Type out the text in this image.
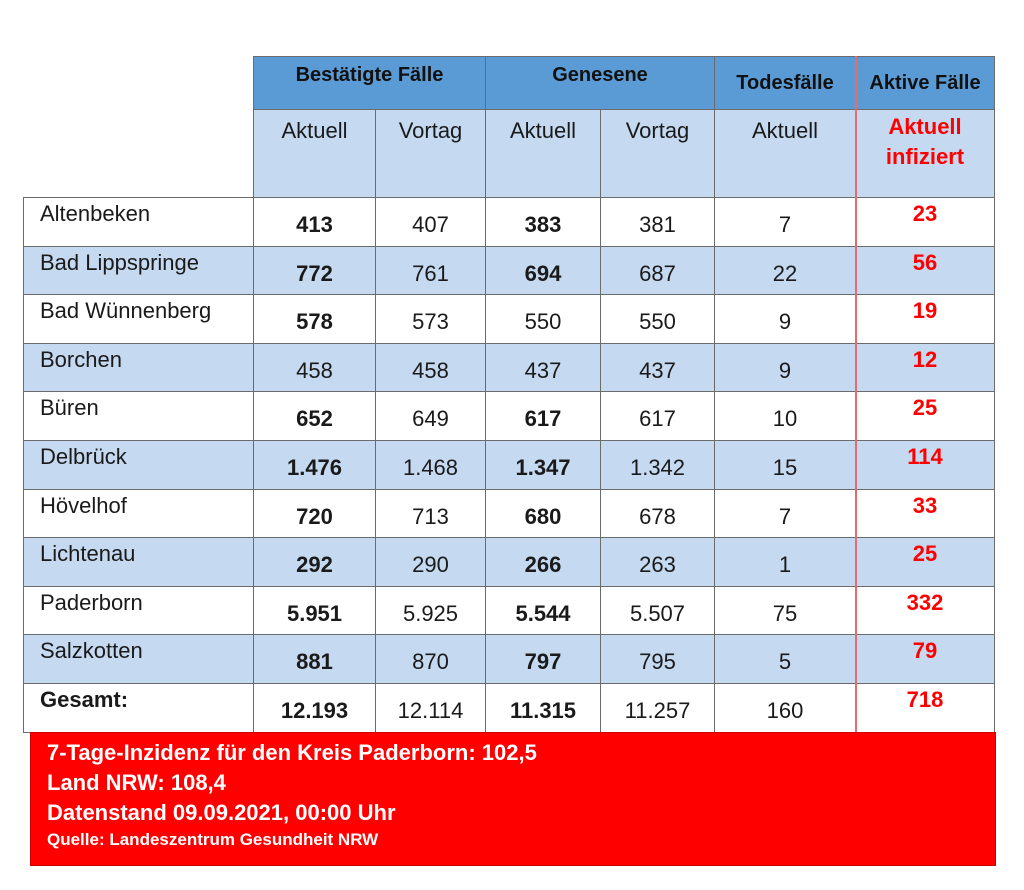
Bestätigte Fälle	Genesene	Todesfälle	Aktive Fälle
Aktuell	Vortag	Aktuell	Vortag	Aktuell	Aktuell infiziert
Altenbeken	413	407	383	381	7	23
Bad Lippspringe	772	761	694	687	22	56
Bad Wünnenberg	578	573	550	550	9	19
Borchen	458	458	437	437	9	12
Büren	652	649	617	617	10	25
Delbrück	1.476	1.468	1.347	1.342	15	114
Hövelhof	720	713	680	678	7	33
Lichtenau	292	290	266	263	1	25
Paderborn	5.951	5.925	5.544	5.507	75	332
Salzkotten	881	870	797	795	5	79
Gesamt:	12.193	12.114	11.315	11.257	160	718
7-Tage-Inzidenz für den Kreis Paderborn: 102,5
Land NRW: 108,4
Datenstand 09.09.2021, 00:00 Uhr
Quelle: Landeszentrum Gesundheit NRW
